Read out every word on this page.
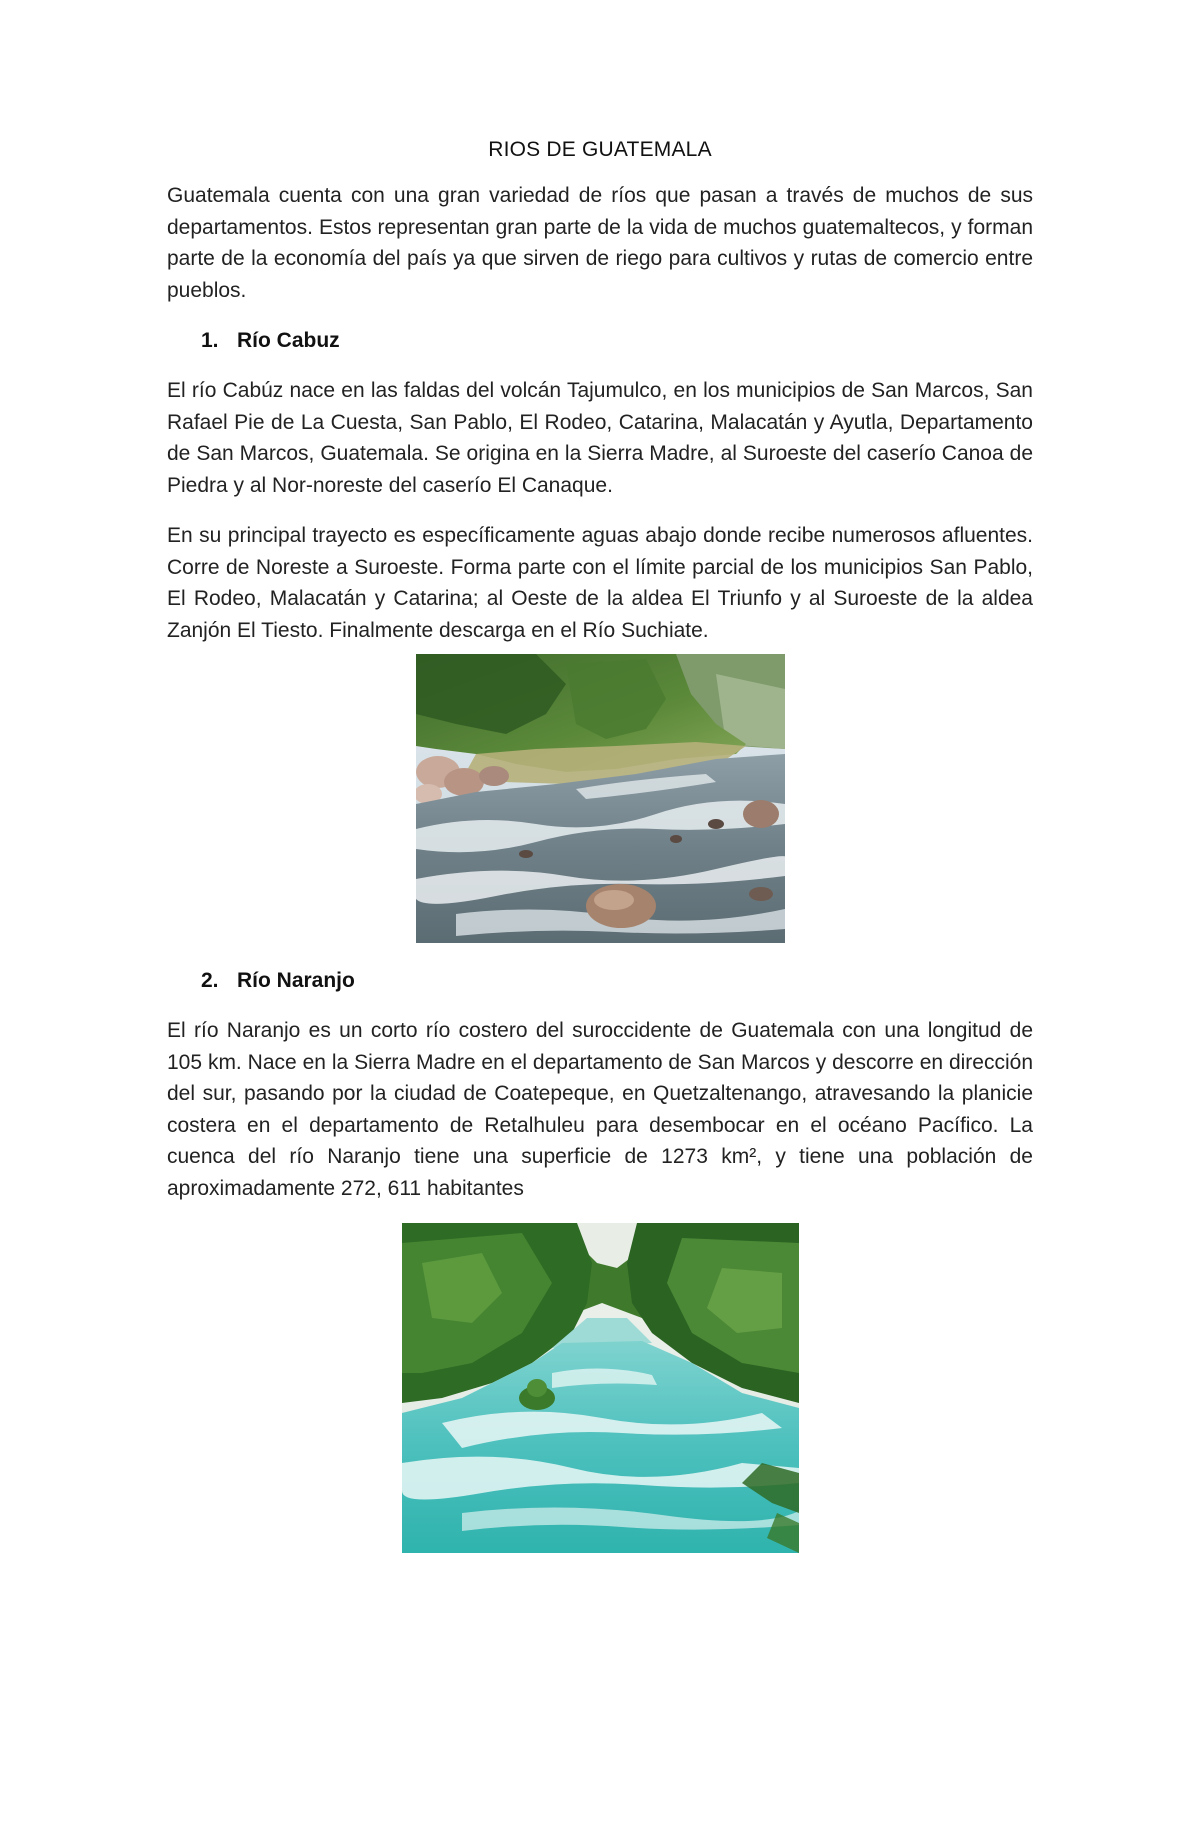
RIOS DE GUATEMALA

Guatemala cuenta con una gran variedad de ríos que pasan a través de muchos de sus departamentos. Estos representan gran parte de la vida de muchos guatemaltecos, y forman parte de la economía del país ya que sirven de riego para cultivos y rutas de comercio entre pueblos.

1. Río Cabuz

El río Cabúz nace en las faldas del volcán Tajumulco, en los municipios de San Marcos, San Rafael Pie de La Cuesta, San Pablo, El Rodeo, Catarina, Malacatán y Ayutla, Departamento de San Marcos, Guatemala. Se origina en la Sierra Madre, al Suroeste del caserío Canoa de Piedra y al Nor-noreste del caserío El Canaque.

En su principal trayecto es específicamente aguas abajo donde recibe numerosos afluentes. Corre de Noreste a Suroeste. Forma parte con el límite parcial de los municipios San Pablo, El Rodeo, Malacatán y Catarina; al Oeste de la aldea El Triunfo y al Suroeste de la aldea Zanjón El Tiesto. Finalmente descarga en el Río Suchiate.

2. Río Naranjo

El río Naranjo es un corto río costero del suroccidente de Guatemala con una longitud de 105 km. Nace en la Sierra Madre en el departamento de San Marcos y descorre en dirección del sur, pasando por la ciudad de Coatepeque, en Quetzaltenango, atravesando la planicie costera en el departamento de Retalhuleu para desembocar en el océano Pacífico. La cuenca del río Naranjo tiene una superficie de 1273 km², y tiene una población de aproximadamente 272, 611 habitantes
